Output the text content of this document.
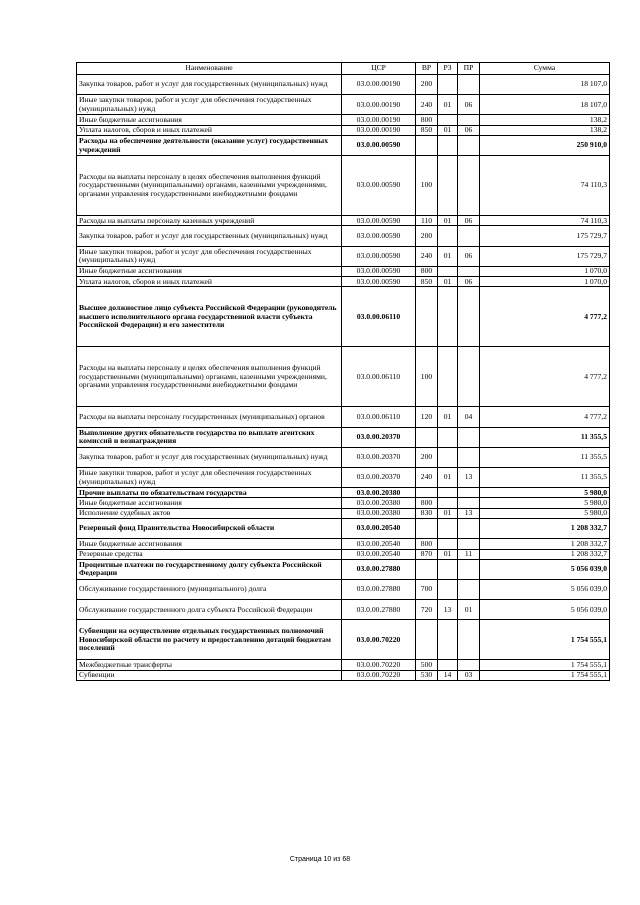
Наименование	ЦСР	ВР	РЗ	ПР	Сумма
Закупка товаров, работ и услуг для государственных (муниципальных) нужд	03.0.00.00190	200			18 107,0
Иные закупки товаров, работ и услуг для обеспечения государственных (муниципальных) нужд	03.0.00.00190	240	01	06	18 107,0
Иные бюджетные ассигнования	03.0.00.00190	800			138,2
Уплата налогов, сборов и иных платежей	03.0.00.00190	850	01	06	138,2
Расходы на обеспечение деятельности (оказание услуг) государственных учреждений	03.0.00.00590				250 910,0
Расходы на выплаты персоналу в целях обеспечения выполнения функций государственными (муниципальными) органами, казенными учреждениями, органами управления государственными внебюджетными фондами	03.0.00.00590	100			74 110,3
Расходы на выплаты персоналу казенных учреждений	03.0.00.00590	110	01	06	74 110,3
Закупка товаров, работ и услуг для государственных (муниципальных) нужд	03.0.00.00590	200			175 729,7
Иные закупки товаров, работ и услуг для обеспечения государственных (муниципальных) нужд	03.0.00.00590	240	01	06	175 729,7
Иные бюджетные ассигнования	03.0.00.00590	800			1 070,0
Уплата налогов, сборов и иных платежей	03.0.00.00590	850	01	06	1 070,0
Высшее должностное лицо субъекта Российской Федерации (руководитель высшего исполнительного органа государственной власти субъекта Российской Федерации) и его заместители	03.0.00.06110				4 777,2
Расходы на выплаты персоналу в целях обеспечения выполнения функций государственными (муниципальными) органами, казенными учреждениями, органами управления государственными внебюджетными фондами	03.0.00.06110	100			4 777,2
Расходы на выплаты персоналу государственных (муниципальных) органов	03.0.00.06110	120	01	04	4 777,2
Выполнение других обязательств государства по выплате агентских комиссий и вознаграждения	03.0.00.20370				11 355,5
Закупка товаров, работ и услуг для государственных (муниципальных) нужд	03.0.00.20370	200			11 355,5
Иные закупки товаров, работ и услуг для обеспечения государственных (муниципальных) нужд	03.0.00.20370	240	01	13	11 355,5
Прочие выплаты по обязательствам государства	03.0.00.20380				5 980,0
Иные бюджетные ассигнования	03.0.00.20380	800			5 980,0
Исполнение судебных актов	03.0.00.20380	830	01	13	5 980,0
Резервный фонд Правительства Новосибирской области	03.0.00.20540				1 208 332,7
Иные бюджетные ассигнования	03.0.00.20540	800			1 208 332,7
Резервные средства	03.0.00.20540	870	01	11	1 208 332,7
Процентные платежи по государственному долгу субъекта Российской Федерации	03.0.00.27880				5 056 039,0
Обслуживание государственного (муниципального) долга	03.0.00.27880	700			5 056 039,0
Обслуживание государственного долга субъекта Российской Федерации	03.0.00.27880	720	13	01	5 056 039,0
Субвенции на осуществление отдельных государственных полномочий Новосибирской области по расчету и предоставлению дотаций бюджетам поселений	03.0.00.70220				1 754 555,1
Межбюджетные трансферты	03.0.00.70220	500			1 754 555,1
Субвенции	03.0.00.70220	530	14	03	1 754 555,1
Страница 10 из 68
